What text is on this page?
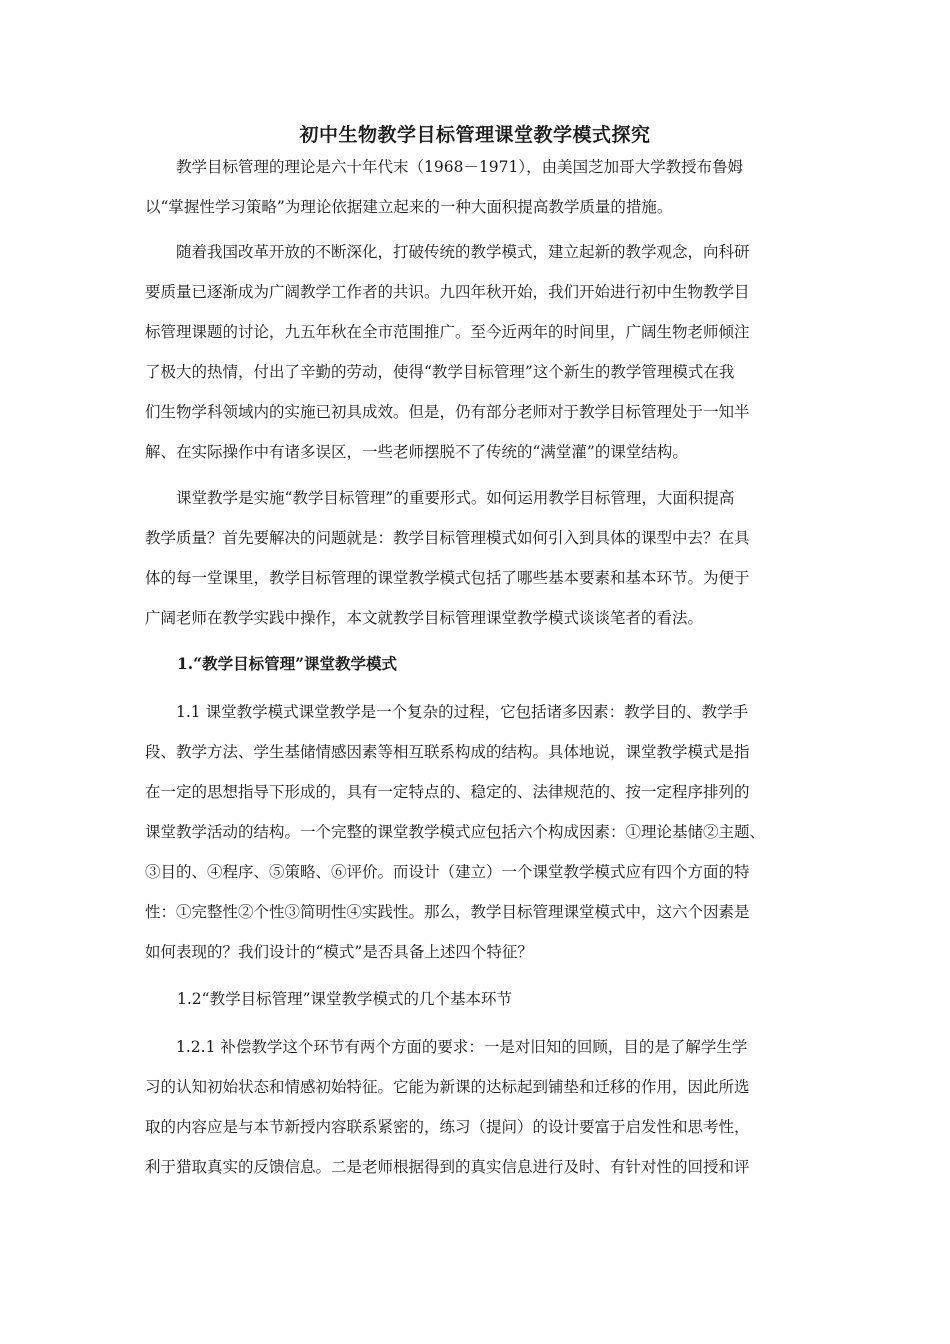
初中生物教学目标管理课堂教学模式探究

教学目标管理的理论是六十年代末（1968－1971），由美国芝加哥大学教授布鲁姆
以“掌握性学习策略”为理论依据建立起来的一种大面积提高教学质量的措施。

随着我国改革开放的不断深化，打破传统的教学模式，建立起新的教学观念，向科研
要质量已逐渐成为广阔教学工作者的共识。九四年秋开始，我们开始进行初中生物教学目
标管理课题的讨论，九五年秋在全市范围推广。至今近两年的时间里，广阔生物老师倾注
了极大的热情，付出了辛勤的劳动，使得“教学目标管理”这个新生的教学管理模式在我
们生物学科领域内的实施已初具成效。但是，仍有部分老师对于教学目标管理处于一知半
解、在实际操作中有诸多误区，一些老师摆脱不了传统的“满堂灌”的课堂结构。

课堂教学是实施“教学目标管理”的重要形式。如何运用教学目标管理，大面积提高
教学质量？首先要解决的问题就是：教学目标管理模式如何引入到具体的课型中去？在具
体的每一堂课里，教学目标管理的课堂教学模式包括了哪些基本要素和基本环节。为便于
广阔老师在教学实践中操作，本文就教学目标管理课堂教学模式谈谈笔者的看法。

1.“教学目标管理”课堂教学模式

1.1 课堂教学模式课堂教学是一个复杂的过程，它包括诸多因素：教学目的、教学手
段、教学方法、学生基储情感因素等相互联系构成的结构。具体地说，课堂教学模式是指
在一定的思想指导下形成的，具有一定特点的、稳定的、法律规范的、按一定程序排列的
课堂教学活动的结构。一个完整的课堂教学模式应包括六个构成因素：①理论基储②主题、
③目的、④程序、⑤策略、⑥评价。而设计（建立）一个课堂教学模式应有四个方面的特
性：①完整性②个性③简明性④实践性。那么，教学目标管理课堂模式中，这六个因素是
如何表现的？我们设计的“模式”是否具备上述四个特征？

1.2“教学目标管理”课堂教学模式的几个基本环节

1.2.1 补偿教学这个环节有两个方面的要求：一是对旧知的回顾，目的是了解学生学
习的认知初始状态和情感初始特征。它能为新课的达标起到铺垫和迁移的作用，因此所选
取的内容应是与本节新授内容联系紧密的，练习（提问）的设计要富于启发性和思考性，
利于猎取真实的反馈信息。二是老师根据得到的真实信息进行及时、有针对性的回授和评
